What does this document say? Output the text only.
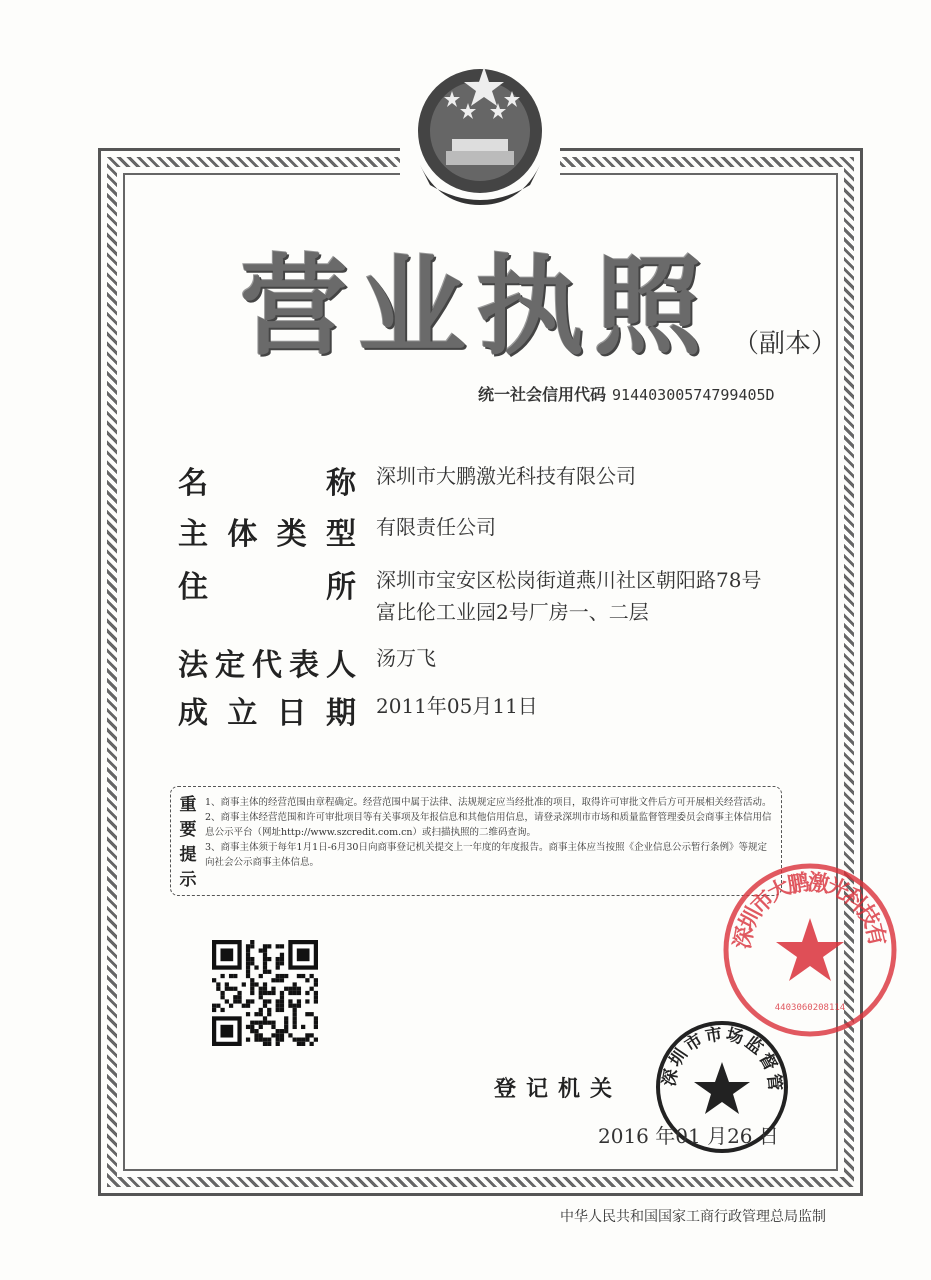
营业执照 （副本）
统一社会信用代码 91440300574799405D
名	称 深圳市大鹏激光科技有限公司
主 体 类 型 有限责任公司
住	所 深圳市宝安区松岗街道燕川社区朝阳路78号
富比伦工业园2号厂房一、二层
法 定 代 表 人 汤万飞
成 立 日 期 2011年05月11日
重
要
提
示
1、商事主体的经营范围由章程确定。经营范围中属于法律、法规规定应当经批准的项目，取得许可审批文件后方可开展相关经营活动。
2、商事主体经营范围和许可审批项目等有关事项及年报信息和其他信用信息，请登录深圳市市场和质量监督管理委员会商事主体信用信息公示平台（网址http://www.szcredit.com.cn）或扫描执照的二维码查询。
3、商事主体须于每年1月1日-6月30日向商事登记机关提交上一年度的年度报告。商事主体应当按照《企业信息公示暂行条例》等规定向社会公示商事主体信息。
深圳市大鹏激光科技有
4403060208114
登记机关	深圳市市场监督管
2016 年01 月26 日
中华人民共和国国家工商行政管理总局监制
